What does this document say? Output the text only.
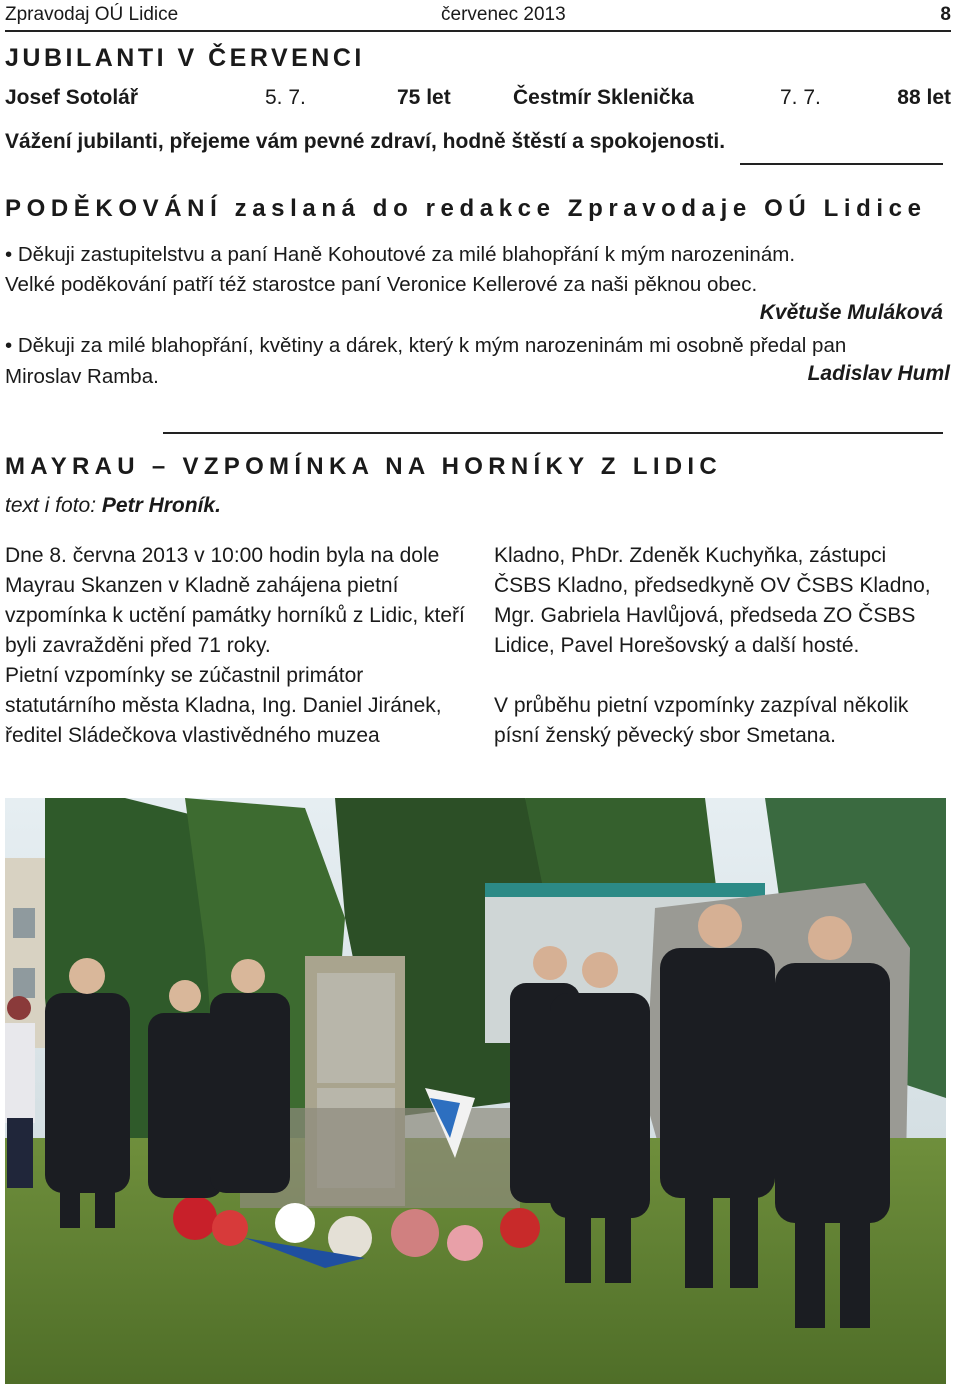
Zpravodaj OÚ Lidice	červenec 2013	8
JUBILANTI V ČERVENCI
Josef Sotolář	5. 7.	75 let	Čestmír Sklenička	7. 7.	88 let
Vážení jubilanti, přejeme vám pevné zdraví, hodně štěstí a spokojenosti.
PODĚKOVÁNÍ zaslaná do redakce Zpravodaje OÚ Lidice
• Děkuji zastupitelstvu a paní Haně Kohoutové za milé blahopřání k mým narozeninám.
Velké poděkování patří též starostce paní Veronice Kellerové za naši pěknou obec.
Květuše Muláková
• Děkuji za milé blahopřání, květiny a dárek, který k mým narozeninám mi osobně předal pan
Miroslav Ramba.	Ladislav Huml
MAYRAU – VZPOMÍNKA NA HORNÍKY Z LIDIC
text i foto: Petr Hroník.

Dne 8. června 2013 v 10:00 hodin byla na dole Mayrau Skanzen v Kladně zahájena pietní vzpomínka k uctění památky horníků z Lidic, kteří byli zavražděni před 71 roky.

Pietní vzpomínky se zúčastnil primátor statutárního města Kladna, Ing. Daniel Jiránek, ředitel Sládečkova vlastivědného muzea

Kladno, PhDr. Zdeněk Kuchyňka, zástupci ČSBS Kladno, předsedkyně OV ČSBS Kladno, Mgr. Gabriela Havlůjová, předseda ZO ČSBS Lidice, Pavel Horešovský a další hosté.

V průběhu pietní vzpomínky zazpíval několik písní ženský pěvecký sbor Smetana.
